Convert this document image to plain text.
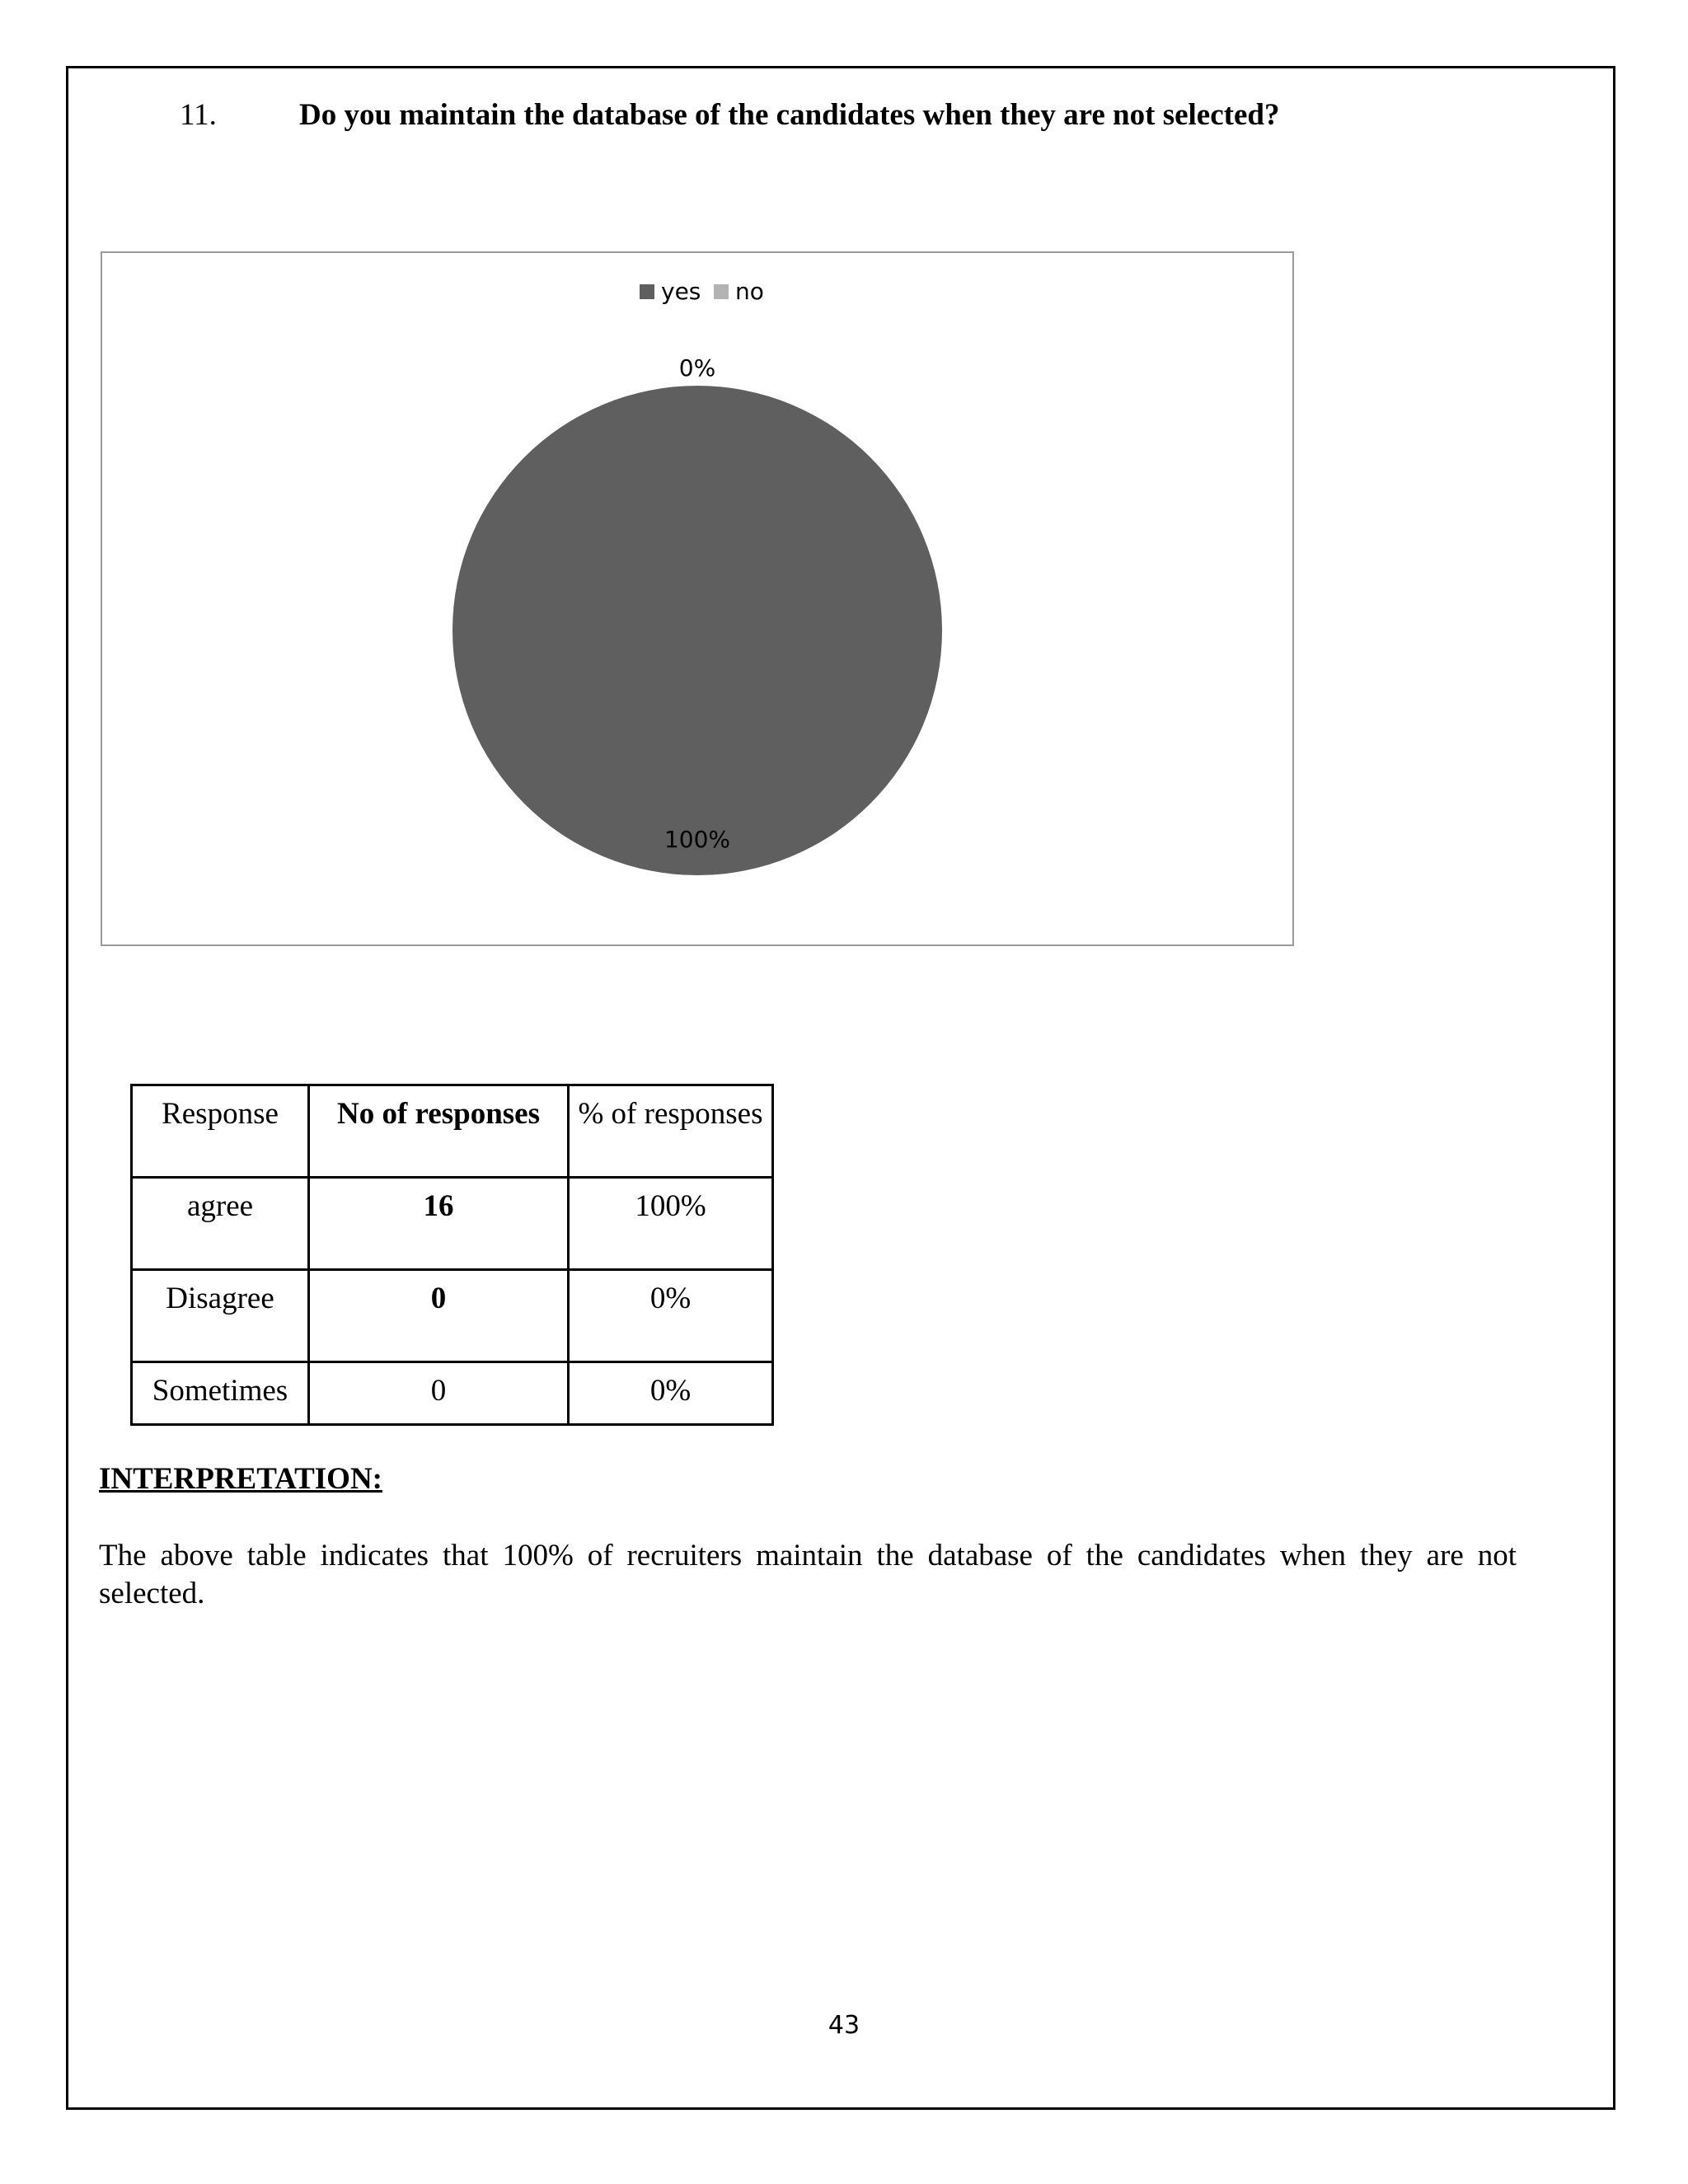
11.	Do you maintain the database of the candidates when they are not selected?
yes no
0%
100%
Response	No of responses	% of responses
agree	16	100%
Disagree	0	0%
Sometimes	0	0%
INTERPRETATION:
The above table indicates that 100% of recruiters maintain the database of the candidates when they are not selected.
43
